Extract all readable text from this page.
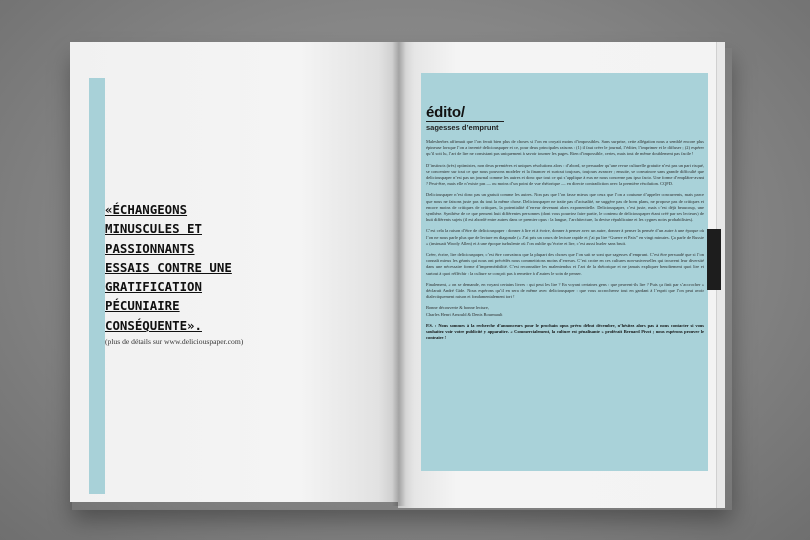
«ÉCHANGEONS
MINUSCULES ET
PASSIONNANTS
ESSAIS CONTRE UNE
GRATIFICATION
PÉCUNIAIRE
CONSÉQUENTE».
(plus de détails sur www.deliciouspaper.com)
édito/
sagesses d’emprunt

Malesherbes affirmait que l’on ferait bien plus de choses si l’on en croyait moins d’impossibles. Sans surprise, cette allégation nous a semblé encore plus épineuse lorsque l’on a inventé deliciouspaper et ce, pour deux principales raisons : (1) il faut créer le journal, l’éditer, l’imprimer et le diffuser ; (2) espérer qu’il soit lu, l’art de lire ne consistant pas uniquement à savoir tourner les pages. Rien d’impossible, certes, mais tout de même doublement pas facile !

D’instincts (très) optimistes, non deux premières et uniques résolutions alors : d’abord, se persuader qu’une revue culturelle gratuite n’est pas un pari risqué, se concentrer sur tout ce que nous pouvons modeler et la financer et surtout toujours, toujours avancer ; ensuite, se convaincre sans grande difficulté que deliciouspaper n’est pas un journal comme les autres et donc que tout ce qui s’applique à eux ne nous concerne pas ipso facto. Une forme d’emplâtre-avant ? Peut-être, mais elle n’existe pas — ou moins d’un point de vue rhétorique — en directe contradiction avec la première résolution. CQFD.

Deliciouspaper n’est donc pas un gratuit comme les autres. Non pas que l’on fasse mieux que ceux que l’on a coutume d’appeler concurrents, mais parce que nous ne faisons juste pas du tout la même chose. Deliciouspaper ne traite pas d’actualité, ne suggère pas de bons plans, ne propose pas de critiques et encore moins de critiques de critiques, la potentialité d’erreur devenant alors exponentielle. Deliciouspaper, c’est juste, mais c’est déjà beaucoup, une synthèse. Synthèse de ce que pensent huit différentes personnes (dont vous pourriez faire partie, le contenu de deliciouspaper étant créé par ses lecteurs) de huit différents sujets (il est abordé entre autres dans ce premier opus : la langue, l’architecture, la devise républicaine et les cygnes noirs probabilistes).

C’est cela la raison d’être de deliciouspaper : donner à lire et à écrire, donner à penser avec un autre, donner à penser la pensée d’un autre à une époque où l’on ne nous parle plus que de lecture en diagonale (« J’ai pris un cours de lecture rapide et j’ai pu lire “Guerre et Paix” en vingt minutes. Ça parle de Russie » (insinuait Woody Allen) et à une époque turbulente où l’on oublie qu’écrire et lire, c’est aussi hurler sans bruit.

Créer, écrire, lire deliciouspaper, c’est être convaincu que la plupart des choses que l’on sait se sont que sagesses d’emprunt. C’est être persuadé que si l’on connaît mieux les géants qui nous ont précédés nous commettrions moins d’erreurs. C’est croire en ces cultures non-universelles qui trouvent leur diversité dans une nécessaire forme d’imperméabilité. C’est reconnaître les malentendus et l’art de la rhétorique et ne jamais expliquer benoîtement quoi lire et surtout à quoi réfléchir : la culture se conçoit pas à remettre à d’autres le soin de penser.

Finalement, « on se demande, en voyant certains livres : qui peut les lire ? En voyant certaines gens : que peuvent-ils lire ? Puis ça finit par s’accrocher » déclarait André Gide. Nous espérons qu’il en sera de même avec deliciouspaper : que vous accrocherez tout en gardant à l’esprit que l’on peut avoir dialectiquement raison et fondamentalement tort !

Bonne découverte & bonne lecture,
Charles Henri Arnould & Denis Bourmault

P.S. : Nous sommes à la recherche d’annonceurs pour le prochain opus prévu début décembre, n’hésitez alors pas à nous contacter si vous souhaitez voir votre publicité y apparaître. « Commercialement, la culture est pénalisante » proférait Bernard Pivot ; nous espérons prouver le contraire !
